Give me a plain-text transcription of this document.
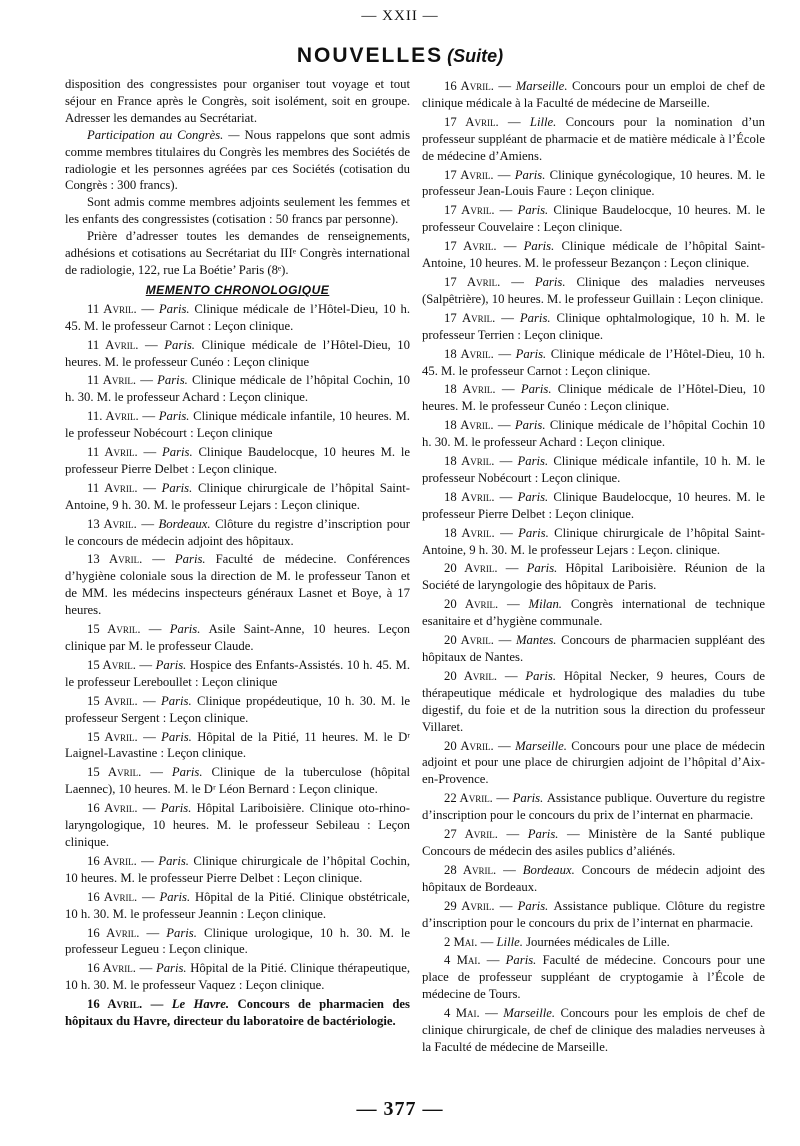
— XXII —
NOUVELLES (Suite)

disposition des congressistes pour organiser tout voyage et tout séjour en France après le Congrès, soit isolément, soit en groupe. Adresser les demandes au Secrétariat.

Participation au Congrès. — Nous rappelons que sont admis comme membres titulaires du Congrès les membres des Sociétés de radiologie et les personnes agréées par ces Sociétés (cotisation du Congrès : 300 francs).

Sont admis comme membres adjoints seulement les femmes et les enfants des congressistes (cotisation : 50 francs par personne).

Prière d’adresser toutes les demandes de renseignements, adhésions et cotisations au Secrétariat du IIIᵉ Congrès international de radiologie, 122, rue La Boétie’ Paris (8ᵉ).

MEMENTO CHRONOLOGIQUE

11 Avril. — Paris. Clinique médicale de l’Hôtel-Dieu, 10 h. 45. M. le professeur Carnot : Leçon clinique.

11 Avril. — Paris. Clinique médicale de l’Hôtel-Dieu, 10 heures. M. le professeur Cunéo : Leçon clinique

11 Avril. — Paris. Clinique médicale de l’hôpital Cochin, 10 h. 30. M. le professeur Achard : Leçon clinique.

11. Avril. — Paris. Clinique médicale infantile, 10 heures. M. le professeur Nobécourt : Leçon clinique

11 Avril. — Paris. Clinique Baudelocque, 10 heures M. le professeur Pierre Delbet : Leçon clinique.

11 Avril. — Paris. Clinique chirurgicale de l’hôpital Saint-Antoine, 9 h. 30. M. le professeur Lejars : Leçon clinique.

13 Avril. — Bordeaux. Clôture du registre d’inscription pour le concours de médecin adjoint des hôpitaux.

13 Avril. — Paris. Faculté de médecine. Conférences d’hygiène coloniale sous la direction de M. le professeur Tanon et de MM. les médecins inspecteurs généraux Lasnet et Boye, à 17 heures.

15 Avril. — Paris. Asile Saint-Anne, 10 heures. Leçon clinique par M. le professeur Claude.

15 Avril. — Paris. Hospice des Enfants-Assistés. 10 h. 45. M. le professeur Lereboullet : Leçon clinique

15 Avril. — Paris. Clinique propédeutique, 10 h. 30. M. le professeur Sergent : Leçon clinique.

15 Avril. — Paris. Hôpital de la Pitié, 11 heures. M. le Dʳ Laignel-Lavastine : Leçon clinique.

15 Avril. — Paris. Clinique de la tuberculose (hôpital Laennec), 10 heures. M. le Dʳ Léon Bernard : Leçon clinique.

16 Avril. — Paris. Hôpital Lariboisière. Clinique oto-rhino-laryngologique, 10 heures. M. le professeur Sebileau : Leçon clinique.

16 Avril. — Paris. Clinique chirurgicale de l’hôpital Cochin, 10 heures. M. le professeur Pierre Delbet : Leçon clinique.

16 Avril. — Paris. Hôpital de la Pitié. Clinique obstétricale, 10 h. 30. M. le professeur Jeannin : Leçon clinique.

16 Avril. — Paris. Clinique urologique, 10 h. 30. M. le professeur Legueu : Leçon clinique.

16 Avril. — Paris. Hôpital de la Pitié. Clinique thérapeutique, 10 h. 30. M. le professeur Vaquez : Leçon clinique.

16 Avril. — Le Havre. Concours de pharmacien des hôpitaux du Havre, directeur du laboratoire de bactériologie.

16 Avril. — Marseille. Concours pour un emploi de chef de clinique médicale à la Faculté de médecine de Marseille.

17 Avril. — Lille. Concours pour la nomination d’un professeur suppléant de pharmacie et de matière médicale à l’École de médecine d’Amiens.

17 Avril. — Paris. Clinique gynécologique, 10 heures. M. le professeur Jean-Louis Faure : Leçon clinique.

17 Avril. — Paris. Clinique Baudelocque, 10 heures. M. le professeur Couvelaire : Leçon clinique.

17 Avril. — Paris. Clinique médicale de l’hôpital Saint-Antoine, 10 heures. M. le professeur Bezançon : Leçon clinique.

17 Avril. — Paris. Clinique des maladies nerveuses (Salpêtrière), 10 heures. M. le professeur Guillain : Leçon clinique.

17 Avril. — Paris. Clinique ophtalmologique, 10 h. M. le professeur Terrien : Leçon clinique.

18 Avril. — Paris. Clinique médicale de l’Hôtel-Dieu, 10 h. 45. M. le professeur Carnot : Leçon clinique.

18 Avril. — Paris. Clinique médicale de l’Hôtel-Dieu, 10 heures. M. le professeur Cunéo : Leçon clinique.

18 Avril. — Paris. Clinique médicale de l’hôpital Cochin 10 h. 30. M. le professeur Achard : Leçon clinique.

18 Avril. — Paris. Clinique médicale infantile, 10 h. M. le professeur Nobécourt : Leçon clinique.

18 Avril. — Paris. Clinique Baudelocque, 10 heures. M. le professeur Pierre Delbet : Leçon clinique.

18 Avril. — Paris. Clinique chirurgicale de l’hôpital Saint-Antoine, 9 h. 30. M. le professeur Lejars : Leçon. clinique.

20 Avril. — Paris. Hôpital Lariboisière. Réunion de la Société de laryngologie des hôpitaux de Paris.

20 Avril. — Milan. Congrès international de technique esanitaire et d’hygiène communale.

20 Avril. — Mantes. Concours de pharmacien suppléant des hôpitaux de Nantes.

20 Avril. — Paris. Hôpital Necker, 9 heures, Cours de thérapeutique médicale et hydrologique des maladies du tube digestif, du foie et de la nutrition sous la direction du professeur Villaret.

20 Avril. — Marseille. Concours pour une place de médecin adjoint et pour une place de chirurgien adjoint de l’hôpital d’Aix-en-Provence.

22 Avril. — Paris. Assistance publique. Ouverture du registre d’inscription pour le concours du prix de l’internat en pharmacie.

27 Avril. — Paris. — Ministère de la Santé publique Concours de médecin des asiles publics d’aliénés.

28 Avril. — Bordeaux. Concours de médecin adjoint des hôpitaux de Bordeaux.

29 Avril. — Paris. Assistance publique. Clôture du registre d’inscription pour le concours du prix de l’internat en pharmacie.

2 Mai. — Lille. Journées médicales de Lille.

4 Mai. — Paris. Faculté de médecine. Concours pour une place de professeur suppléant de cryptogamie à l’École de médecine de Tours.

4 Mai. — Marseille. Concours pour les emplois de chef de clinique chirurgicale, de chef de clinique des maladies nerveuses à la Faculté de médecine de Marseille.

— 377 —
